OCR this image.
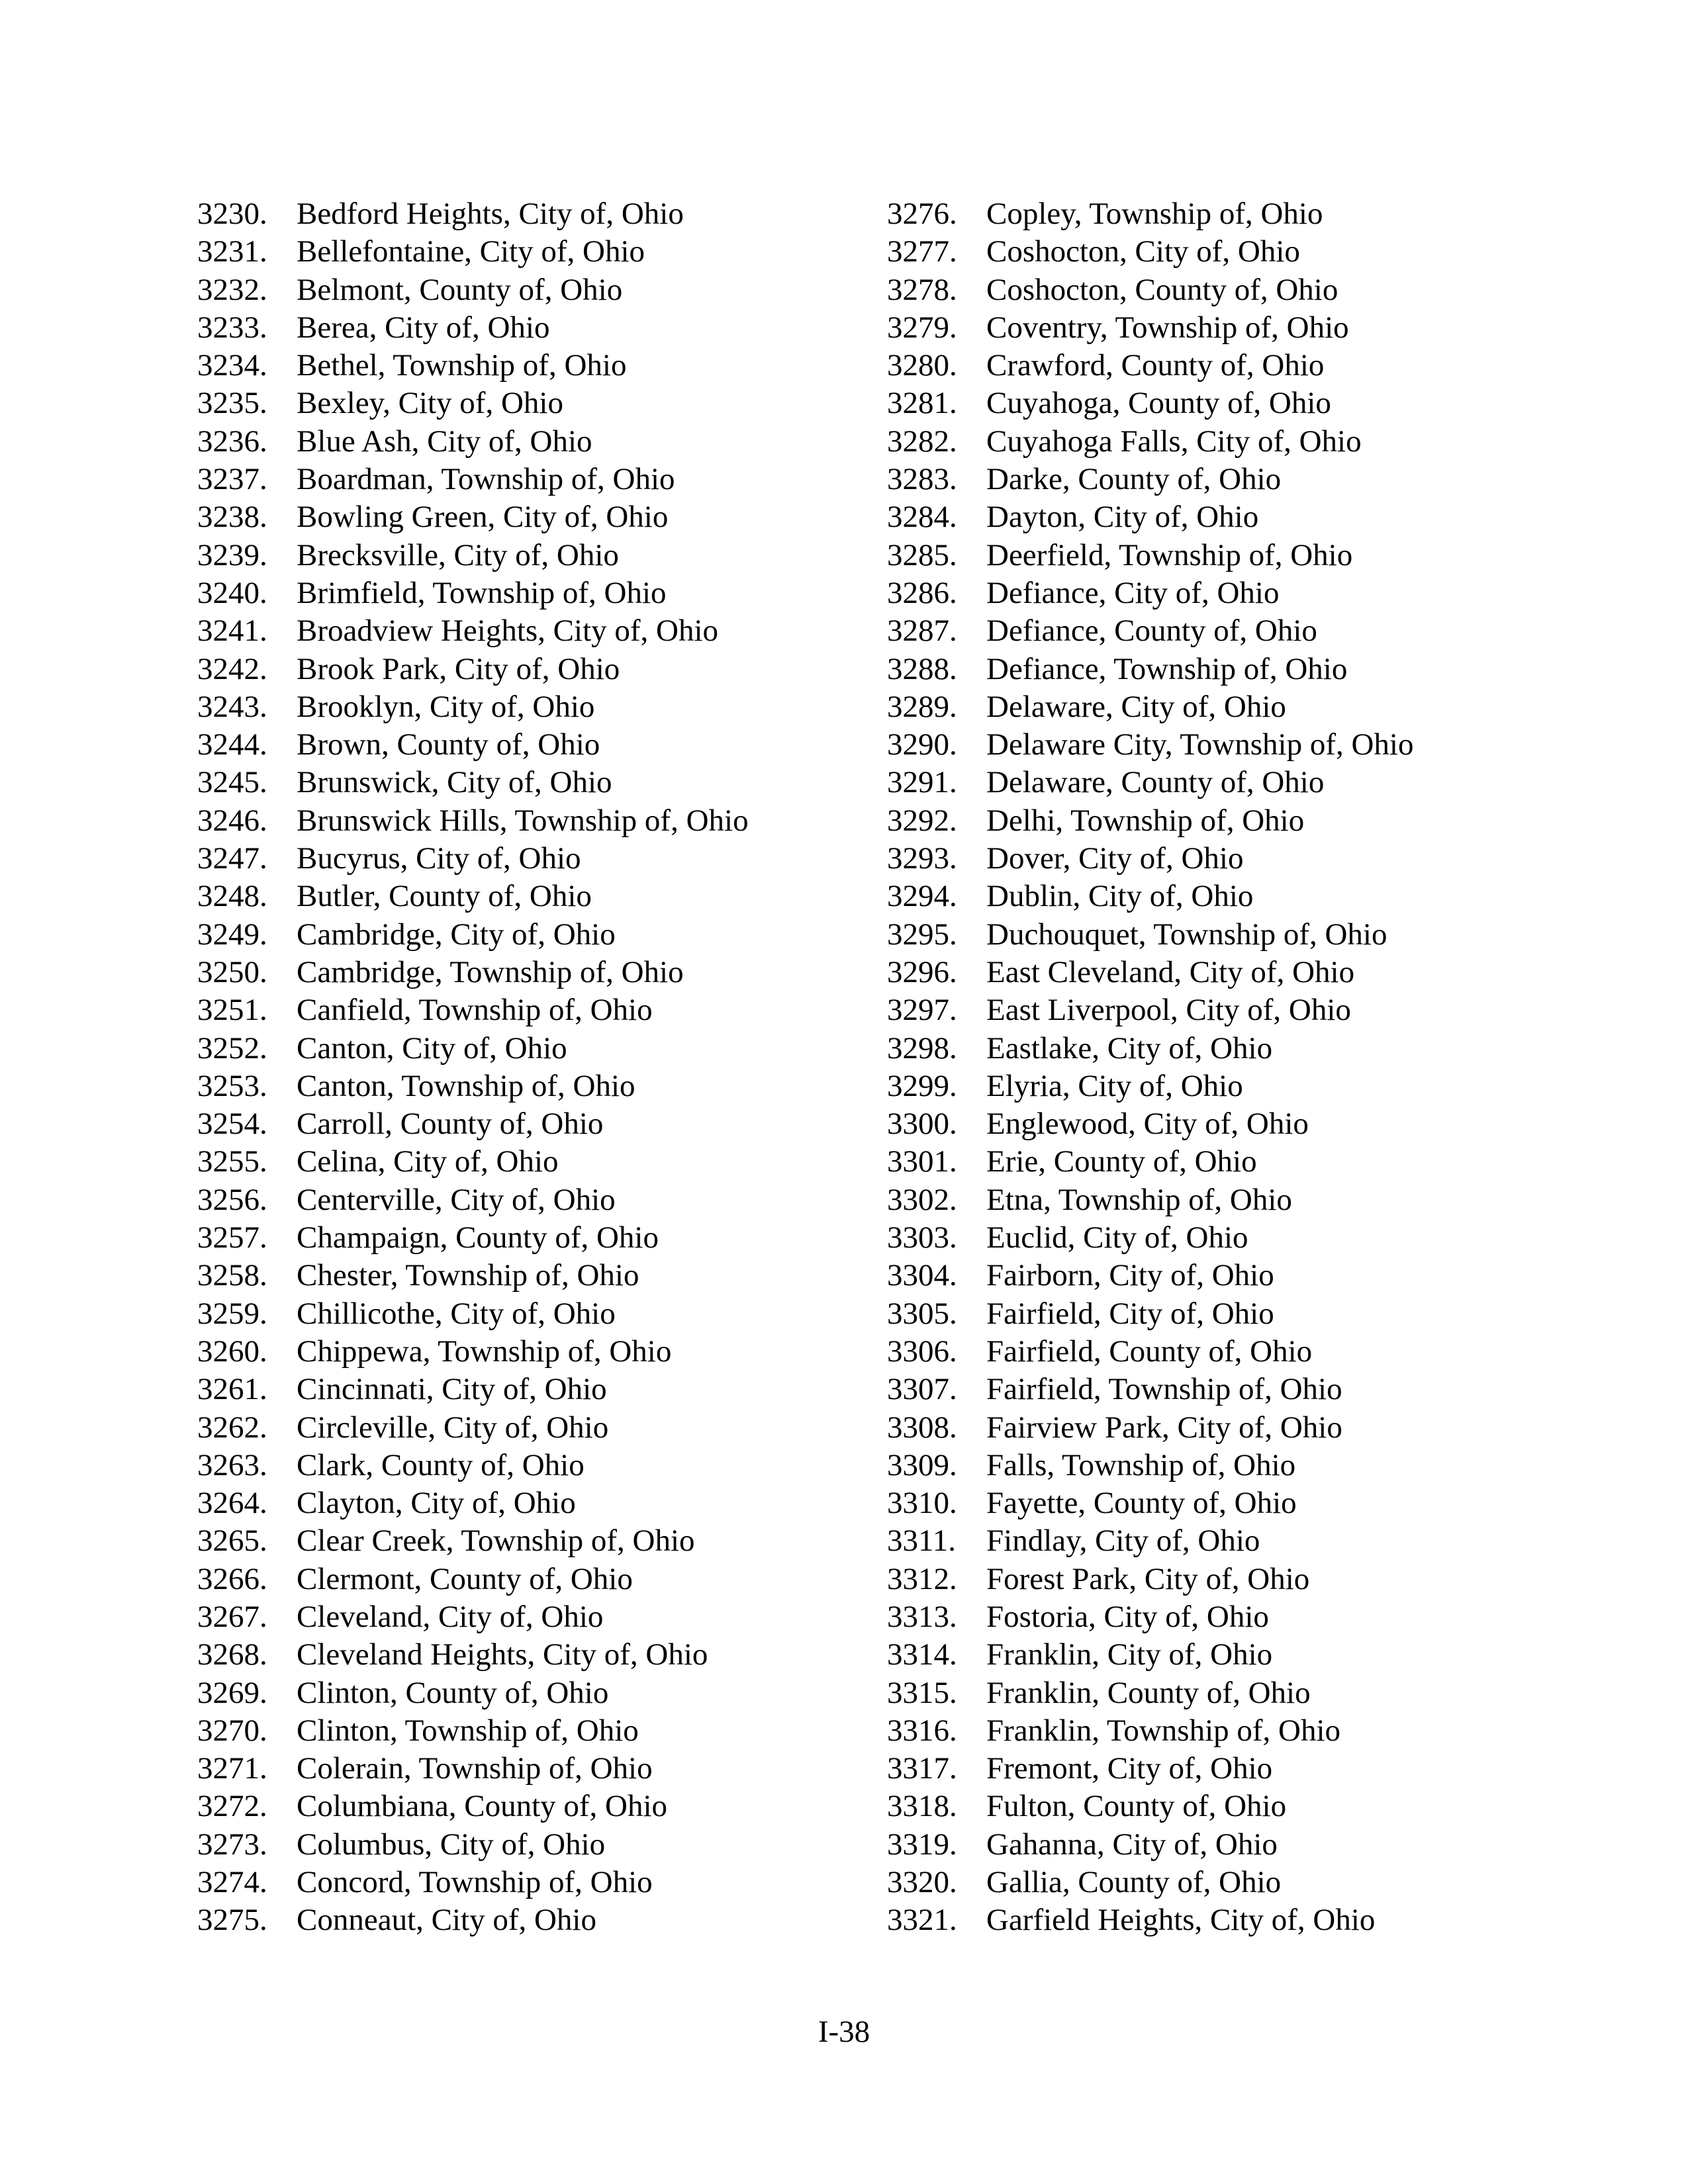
3230. Bedford Heights, City of, Ohio
3231. Bellefontaine, City of, Ohio
3232. Belmont, County of, Ohio
3233. Berea, City of, Ohio
3234. Bethel, Township of, Ohio
3235. Bexley, City of, Ohio
3236. Blue Ash, City of, Ohio
3237. Boardman, Township of, Ohio
3238. Bowling Green, City of, Ohio
3239. Brecksville, City of, Ohio
3240. Brimfield, Township of, Ohio
3241. Broadview Heights, City of, Ohio
3242. Brook Park, City of, Ohio
3243. Brooklyn, City of, Ohio
3244. Brown, County of, Ohio
3245. Brunswick, City of, Ohio
3246. Brunswick Hills, Township of, Ohio
3247. Bucyrus, City of, Ohio
3248. Butler, County of, Ohio
3249. Cambridge, City of, Ohio
3250. Cambridge, Township of, Ohio
3251. Canfield, Township of, Ohio
3252. Canton, City of, Ohio
3253. Canton, Township of, Ohio
3254. Carroll, County of, Ohio
3255. Celina, City of, Ohio
3256. Centerville, City of, Ohio
3257. Champaign, County of, Ohio
3258. Chester, Township of, Ohio
3259. Chillicothe, City of, Ohio
3260. Chippewa, Township of, Ohio
3261. Cincinnati, City of, Ohio
3262. Circleville, City of, Ohio
3263. Clark, County of, Ohio
3264. Clayton, City of, Ohio
3265. Clear Creek, Township of, Ohio
3266. Clermont, County of, Ohio
3267. Cleveland, City of, Ohio
3268. Cleveland Heights, City of, Ohio
3269. Clinton, County of, Ohio
3270. Clinton, Township of, Ohio
3271. Colerain, Township of, Ohio
3272. Columbiana, County of, Ohio
3273. Columbus, City of, Ohio
3274. Concord, Township of, Ohio
3275. Conneaut, City of, Ohio
3276. Copley, Township of, Ohio
3277. Coshocton, City of, Ohio
3278. Coshocton, County of, Ohio
3279. Coventry, Township of, Ohio
3280. Crawford, County of, Ohio
3281. Cuyahoga, County of, Ohio
3282. Cuyahoga Falls, City of, Ohio
3283. Darke, County of, Ohio
3284. Dayton, City of, Ohio
3285. Deerfield, Township of, Ohio
3286. Defiance, City of, Ohio
3287. Defiance, County of, Ohio
3288. Defiance, Township of, Ohio
3289. Delaware, City of, Ohio
3290. Delaware City, Township of, Ohio
3291. Delaware, County of, Ohio
3292. Delhi, Township of, Ohio
3293. Dover, City of, Ohio
3294. Dublin, City of, Ohio
3295. Duchouquet, Township of, Ohio
3296. East Cleveland, City of, Ohio
3297. East Liverpool, City of, Ohio
3298. Eastlake, City of, Ohio
3299. Elyria, City of, Ohio
3300. Englewood, City of, Ohio
3301. Erie, County of, Ohio
3302. Etna, Township of, Ohio
3303. Euclid, City of, Ohio
3304. Fairborn, City of, Ohio
3305. Fairfield, City of, Ohio
3306. Fairfield, County of, Ohio
3307. Fairfield, Township of, Ohio
3308. Fairview Park, City of, Ohio
3309. Falls, Township of, Ohio
3310. Fayette, County of, Ohio
3311. Findlay, City of, Ohio
3312. Forest Park, City of, Ohio
3313. Fostoria, City of, Ohio
3314. Franklin, City of, Ohio
3315. Franklin, County of, Ohio
3316. Franklin, Township of, Ohio
3317. Fremont, City of, Ohio
3318. Fulton, County of, Ohio
3319. Gahanna, City of, Ohio
3320. Gallia, County of, Ohio
3321. Garfield Heights, City of, Ohio
I-38
